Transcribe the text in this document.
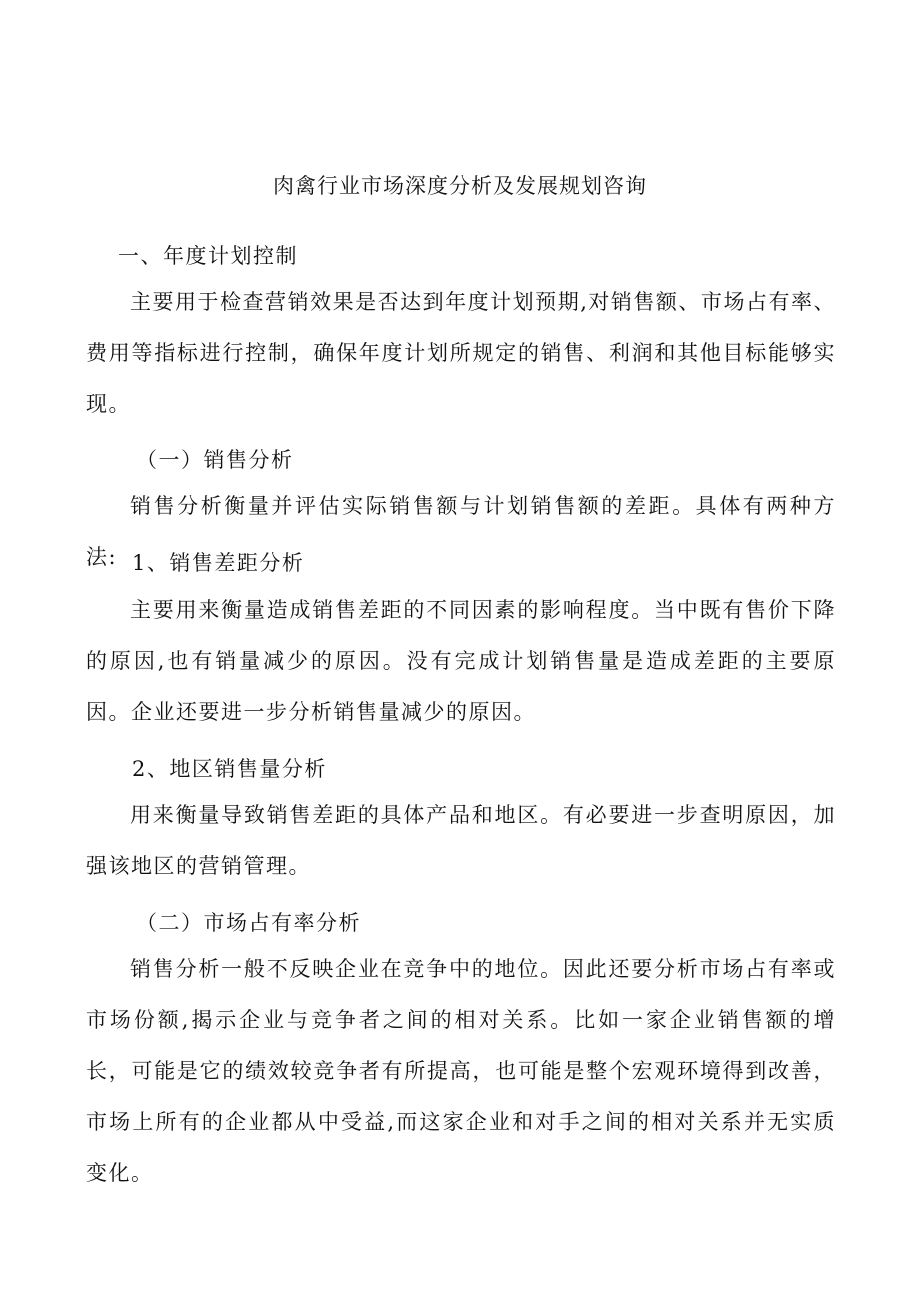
肉禽行业市场深度分析及发展规划咨询
一、年度计划控制
主要用于检查营销效果是否达到年度计划预期,对销售额、市场占有率、费用等指标进行控制，确保年度计划所规定的销售、利润和其他目标能够实现。
（一）销售分析
销售分析衡量并评估实际销售额与计划销售额的差距。具体有两种方法: 1、销售差距分析
主要用来衡量造成销售差距的不同因素的影响程度。当中既有售价下降的原因,也有销量减少的原因。没有完成计划销售量是造成差距的主要原因。企业还要进一步分析销售量减少的原因。
2、地区销售量分析
用来衡量导致销售差距的具体产品和地区。有必要进一步查明原因，加强该地区的营销管理。
（二）市场占有率分析
销售分析一般不反映企业在竞争中的地位。因此还要分析市场占有率或市场份额,揭示企业与竞争者之间的相对关系。比如一家企业销售额的增长，可能是它的绩效较竞争者有所提高，也可能是整个宏观环境得到改善，市场上所有的企业都从中受益,而这家企业和对手之间的相对关系并无实质变化。
